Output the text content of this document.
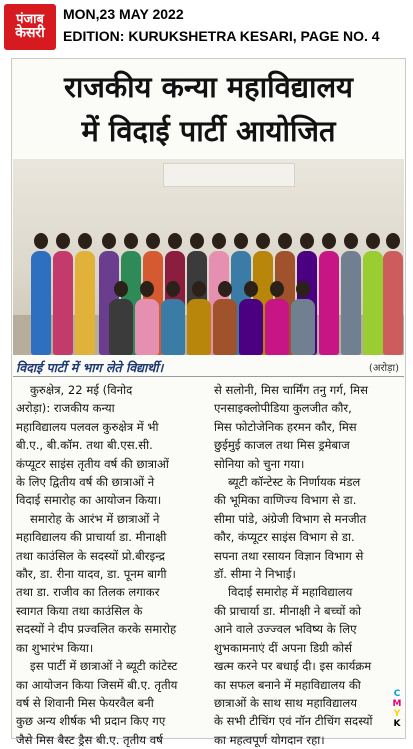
पंजाब
केसरी
MON,23 MAY 2022
EDITION: KURUKSHETRA KESARI, PAGE NO. 4
राजकीय कन्या महाविद्यालय
में विदाई पार्टी आयोजित
विदाई पार्टी में भाग लेते विद्यार्थी।	(अरोड़ा)
कुरुक्षेत्र, 22 मई (विनोद
अरोड़ा): राजकीय कन्या
महाविद्यालय पलवल कुरुक्षेत्र में भी
बी.ए., बी.कॉम. तथा बी.एस.सी.
कंप्यूटर साइंस तृतीय वर्ष की छात्राओं
के लिए द्वितीय वर्ष की छात्राओं ने
विदाई समारोह का आयोजन किया।
समारोह के आरंभ में छात्राओं ने
महाविद्यालय की प्राचार्या डा. मीनाक्षी
तथा काउंसिल के सदस्यों प्रो.बीरइन्द्र
कौर, डा. रीना यादव, डा. पूनम बागी
तथा डा. राजीव का तिलक लगाकर
स्वागत किया तथा काउंसिल के
सदस्यों ने दीप प्रज्वलित करके समारोह
का शुभारंभ किया।
इस पार्टी में छात्राओं ने ब्यूटी कांटेस्ट
का आयोजन किया जिसमें बी.ए. तृतीय
वर्ष से शिवानी मिस फेयरवैल बनी
कुछ अन्य शीर्षक भी प्रदान किए गए
जैसे मिस बैस्ट ड्रैस बी.ए. तृतीय वर्ष
से सलोनी, मिस चार्मिंग तनु गर्ग, मिस
एनसाइक्लोपीडिया कुलजीत कौर,
मिस फोटोजेनिक हरमन कौर, मिस
छुईमुई काजल तथा मिस ड्रमेबाज
सोनिया को चुना गया।
ब्यूटी कॉन्टेस्ट के निर्णायक मंडल
की भूमिका वाणिज्य विभाग से डा.
सीमा पांडे, अंग्रेजी विभाग से मनजीत
कौर, कंप्यूटर साइंस विभाग से डा.
सपना तथा रसायन विज्ञान विभाग से
डॉ. सीमा ने निभाई।
विदाई समारोह में महाविद्यालय
की प्राचार्या डा. मीनाक्षी ने बच्चों को
आने वाले उज्ज्वल भविष्य के लिए
शुभकामनाएं दीं अपना डिग्री कोर्स
खत्म करने पर बधाई दी। इस कार्यक्रम
का सफल बनाने में महाविद्यालय की
छात्राओं के साथ साथ महाविद्यालय
के सभी टीचिंग एवं नॉन टीचिंग सदस्यों
का महत्वपूर्ण योगदान रहा।
C
M
Y
K
